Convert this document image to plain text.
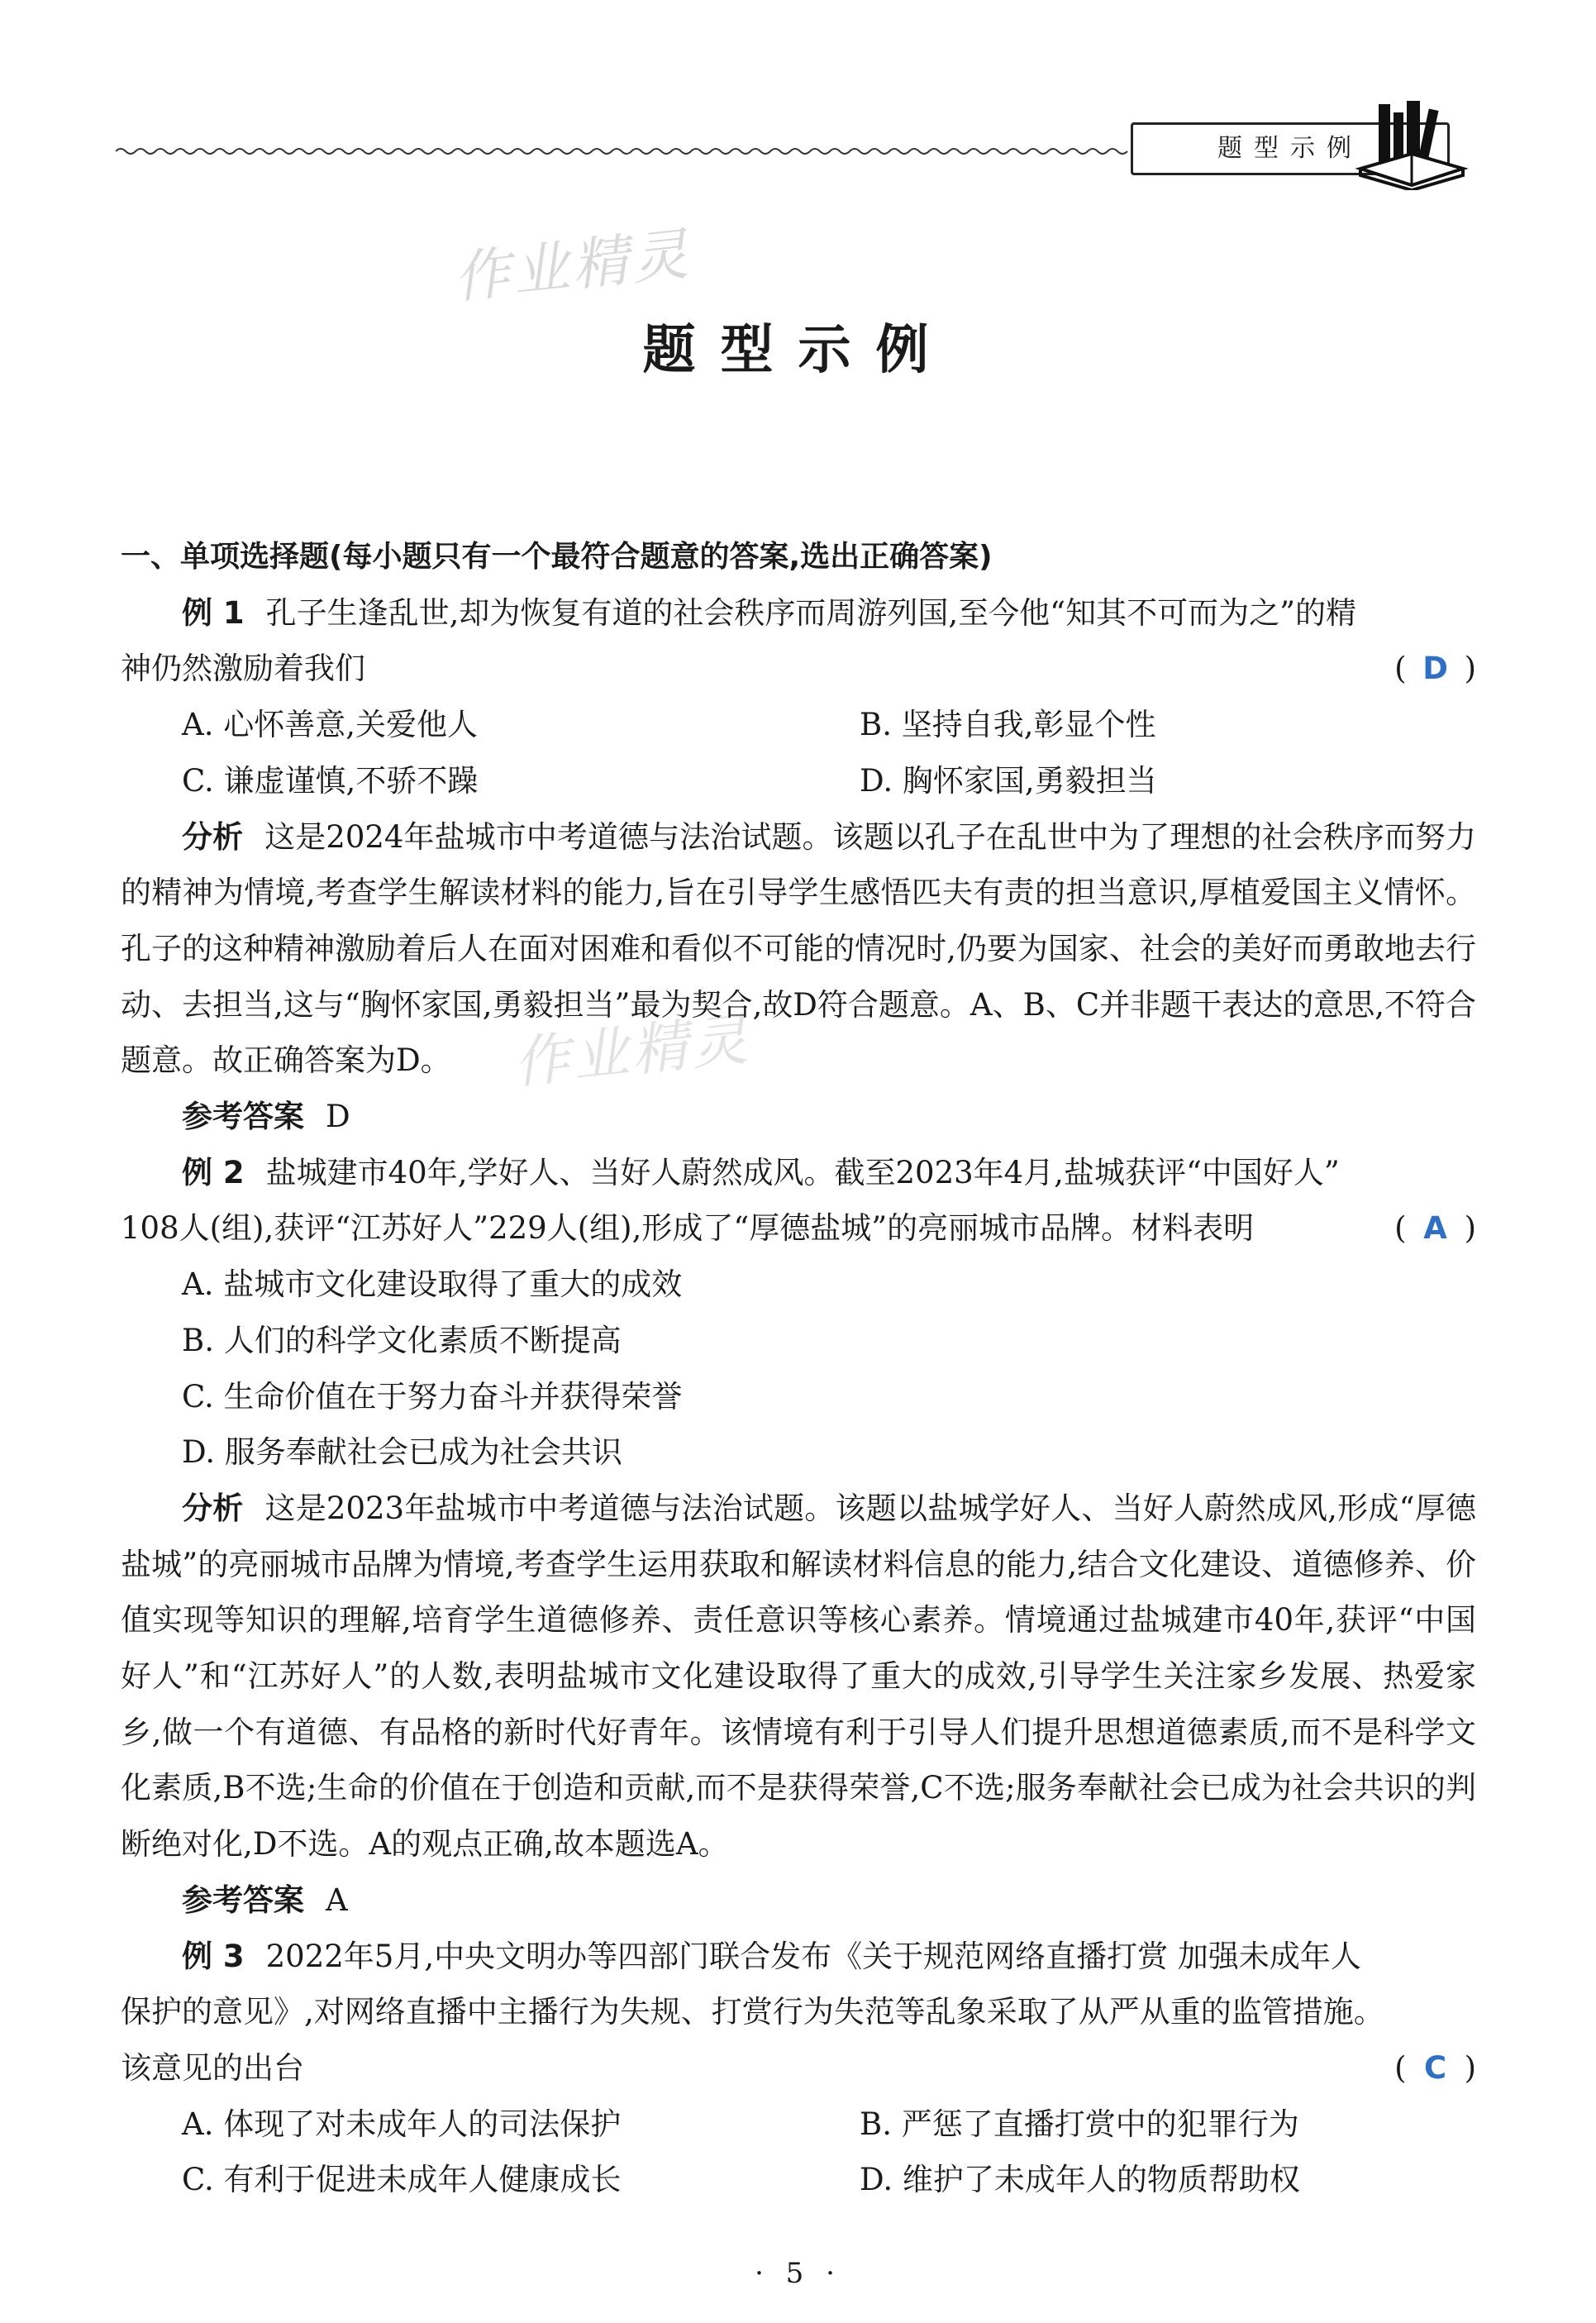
题型示例
作业精灵
作业精灵
题型示例

一、单项选择题(每小题只有一个最符合题意的答案,选出正确答案)

例 1 孔子生逢乱世,却为恢复有道的社会秩序而周游列国,至今他“知其不可而为之”的精

神仍然激励着我们	( D )

A. 心怀善意,关爱他人	B. 坚持自我,彰显个性
C. 谦虚谨慎,不骄不躁	D. 胸怀家国,勇毅担当

分析 这是2024年盐城市中考道德与法治试题。该题以孔子在乱世中为了理想的社会秩序而努力的精神为情境,考查学生解读材料的能力,旨在引导学生感悟匹夫有责的担当意识,厚植爱国主义情怀。孔子的这种精神激励着后人在面对困难和看似不可能的情况时,仍要为国家、社会的美好而勇敢地去行动、去担当,这与“胸怀家国,勇毅担当”最为契合,故D符合题意。A、B、C并非题干表达的意思,不符合题意。故正确答案为D。

参考答案 D

例 2 盐城建市40年,学好人、当好人蔚然成风。截至2023年4月,盐城获评“中国好人”

108人(组),获评“江苏好人”229人(组),形成了“厚德盐城”的亮丽城市品牌。材料表明	( A )

A. 盐城市文化建设取得了重大的成效
B. 人们的科学文化素质不断提高
C. 生命价值在于努力奋斗并获得荣誉
D. 服务奉献社会已成为社会共识

分析 这是2023年盐城市中考道德与法治试题。该题以盐城学好人、当好人蔚然成风,形成“厚德盐城”的亮丽城市品牌为情境,考查学生运用获取和解读材料信息的能力,结合文化建设、道德修养、价值实现等知识的理解,培育学生道德修养、责任意识等核心素养。情境通过盐城建市40年,获评“中国好人”和“江苏好人”的人数,表明盐城市文化建设取得了重大的成效,引导学生关注家乡发展、热爱家乡,做一个有道德、有品格的新时代好青年。该情境有利于引导人们提升思想道德素质,而不是科学文化素质,B不选;生命的价值在于创造和贡献,而不是获得荣誉,C不选;服务奉献社会已成为社会共识的判断绝对化,D不选。A的观点正确,故本题选A。

参考答案 A

例 3 2022年5月,中央文明办等四部门联合发布《关于规范网络直播打赏 加强未成年人

保护的意见》,对网络直播中主播行为失规、打赏行为失范等乱象采取了从严从重的监管措施。

该意见的出台	( C )

A. 体现了对未成年人的司法保护	B. 严惩了直播打赏中的犯罪行为
C. 有利于促进未成年人健康成长	D. 维护了未成年人的物质帮助权
· 5 ·
